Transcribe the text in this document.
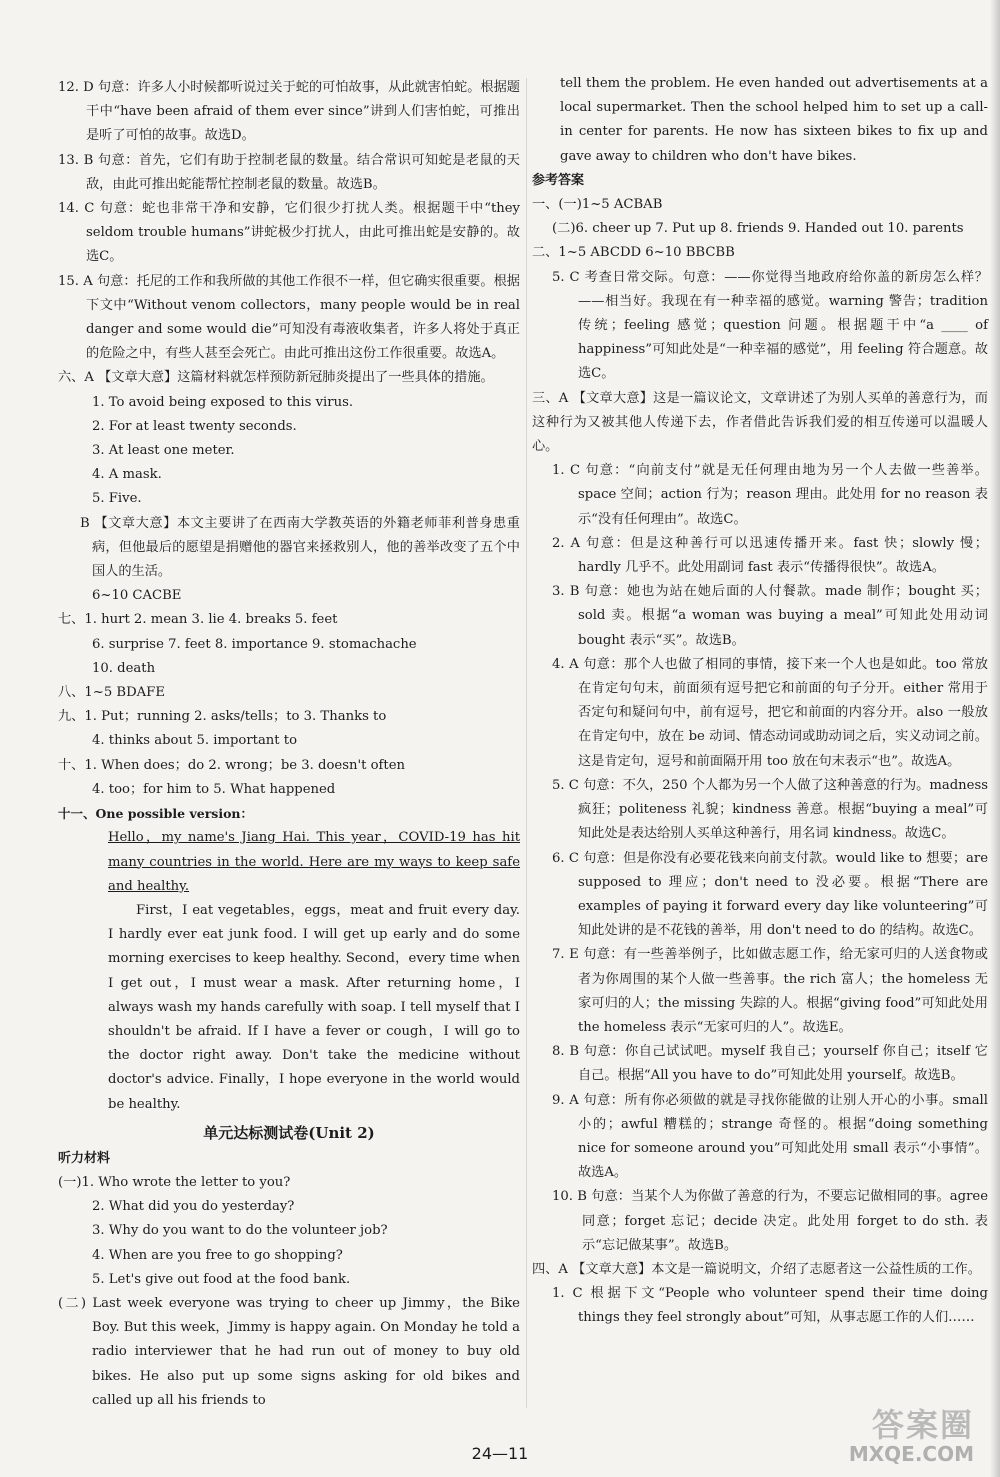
12. D 句意：许多人小时候都听说过关于蛇的可怕故事，从此就害怕蛇。根据题干中“have been afraid of them ever since”讲到人们害怕蛇，可推出是听了可怕的故事。故选D。

13. B 句意：首先，它们有助于控制老鼠的数量。结合常识可知蛇是老鼠的天敌，由此可推出蛇能帮忙控制老鼠的数量。故选B。

14. C 句意：蛇也非常干净和安静，它们很少打扰人类。根据题干中“they seldom trouble humans”讲蛇极少打扰人，由此可推出蛇是安静的。故选C。

15. A 句意：托尼的工作和我所做的其他工作很不一样，但它确实很重要。根据下文中“Without venom collectors，many people would be in real danger and some would die”可知没有毒液收集者，许多人将处于真正的危险之中，有些人甚至会死亡。由此可推出这份工作很重要。故选A。

六、A 【文章大意】这篇材料就怎样预防新冠肺炎提出了一些具体的措施。

1. To avoid being exposed to this virus.

2. For at least twenty seconds.

3. At least one meter.

4. A mask.

5. Five.

B 【文章大意】本文主要讲了在西南大学教英语的外籍老师菲利普身患重病，但他最后的愿望是捐赠他的器官来拯救别人，他的善举改变了五个中国人的生活。

6~10 CACBE

七、1. hurt 2. mean 3. lie 4. breaks 5. feet

6. surprise 7. feet 8. importance 9. stomachache

10. death

八、1~5 BDAFE

九、1. Put；running 2. asks/tells；to 3. Thanks to

4. thinks about 5. important to

十、1. When does；do 2. wrong；be 3. doesn't often

4. too；for him to 5. What happened

十一、One possible version：

Hello，my name's Jiang Hai. This year，COVID-19 has hit many countries in the world. Here are my ways to keep safe and healthy.

First，I eat vegetables，eggs，meat and fruit every day. I hardly ever eat junk food. I will get up early and do some morning exercises to keep healthy. Second，every time when I get out，I must wear a mask. After returning home，I always wash my hands carefully with soap. I tell myself that I shouldn't be afraid. If I have a fever or cough，I will go to the doctor right away. Don't take the medicine without doctor's advice. Finally，I hope everyone in the world would be healthy.

单元达标测试卷(Unit 2)

听力材料

(一)1. Who wrote the letter to you?

2. What did you do yesterday?

3. Why do you want to do the volunteer job?

4. When are you free to go shopping?

5. Let's give out food at the food bank.

(二) Last week everyone was trying to cheer up Jimmy，the Bike Boy. But this week，Jimmy is happy again. On Monday he told a radio interviewer that he had run out of money to buy old bikes. He also put up some signs asking for old bikes and called up all his friends to

tell them the problem. He even handed out advertisements at a local supermarket. Then the school helped him to set up a call-in center for parents. He now has sixteen bikes to fix up and gave away to children who don't have bikes.

参考答案

一、(一)1~5 ACBAB

(二)6. cheer up 7. Put up 8. friends 9. Handed out 10. parents

二、1~5 ABCDD 6~10 BBCBB

5. C 考查日常交际。句意：——你觉得当地政府给你盖的新房怎么样？——相当好。我现在有一种幸福的感觉。warning 警告；tradition 传统；feeling 感觉；question 问题。根据题干中“a ____ of happiness”可知此处是“一种幸福的感觉”，用 feeling 符合题意。故选C。

三、A 【文章大意】这是一篇议论文，文章讲述了为别人买单的善意行为，而这种行为又被其他人传递下去，作者借此告诉我们爱的相互传递可以温暖人心。

1. C 句意：“向前支付”就是无任何理由地为另一个人去做一些善举。space 空间；action 行为；reason 理由。此处用 for no reason 表示“没有任何理由”。故选C。

2. A 句意：但是这种善行可以迅速传播开来。fast 快；slowly 慢；hardly 几乎不。此处用副词 fast 表示“传播得很快”。故选A。

3. B 句意：她也为站在她后面的人付餐款。made 制作；bought 买；sold 卖。根据“a woman was buying a meal”可知此处用动词 bought 表示“买”。故选B。

4. A 句意：那个人也做了相同的事情，接下来一个人也是如此。too 常放在肯定句句末，前面须有逗号把它和前面的句子分开。either 常用于否定句和疑问句中，前有逗号，把它和前面的内容分开。also 一般放在肯定句中，放在 be 动词、情态动词或助动词之后，实义动词之前。这是肯定句，逗号和前面隔开用 too 放在句末表示“也”。故选A。

5. C 句意：不久，250 个人都为另一个人做了这种善意的行为。madness 疯狂；politeness 礼貌；kindness 善意。根据“buying a meal”可知此处是表达给别人买单这种善行，用名词 kindness。故选C。

6. C 句意：但是你没有必要花钱来向前支付款。would like to 想要；are supposed to 理应；don't need to 没必要。根据“There are examples of paying it forward every day like volunteering”可知此处讲的是不花钱的善举，用 don't need to do 的结构。故选C。

7. E 句意：有一些善举例子，比如做志愿工作，给无家可归的人送食物或者为你周围的某个人做一些善事。the rich 富人；the homeless 无家可归的人；the missing 失踪的人。根据“giving food”可知此处用 the homeless 表示“无家可归的人”。故选E。

8. B 句意：你自己试试吧。myself 我自己；yourself 你自己；itself 它自己。根据“All you have to do”可知此处用 yourself。故选B。

9. A 句意：所有你必须做的就是寻找你能做的让别人开心的小事。small 小的；awful 糟糕的；strange 奇怪的。根据“doing something nice for someone around you”可知此处用 small 表示“小事情”。故选A。

10. B 句意：当某个人为你做了善意的行为，不要忘记做相同的事。agree 同意；forget 忘记；decide 决定。此处用 forget to do sth. 表示“忘记做某事”。故选B。

四、A 【文章大意】本文是一篇说明文，介绍了志愿者这一公益性质的工作。

1. C 根据下文“People who volunteer spend their time doing things they feel strongly about”可知，从事志愿工作的人们……

24—11
答案圈
MXQE.COM
